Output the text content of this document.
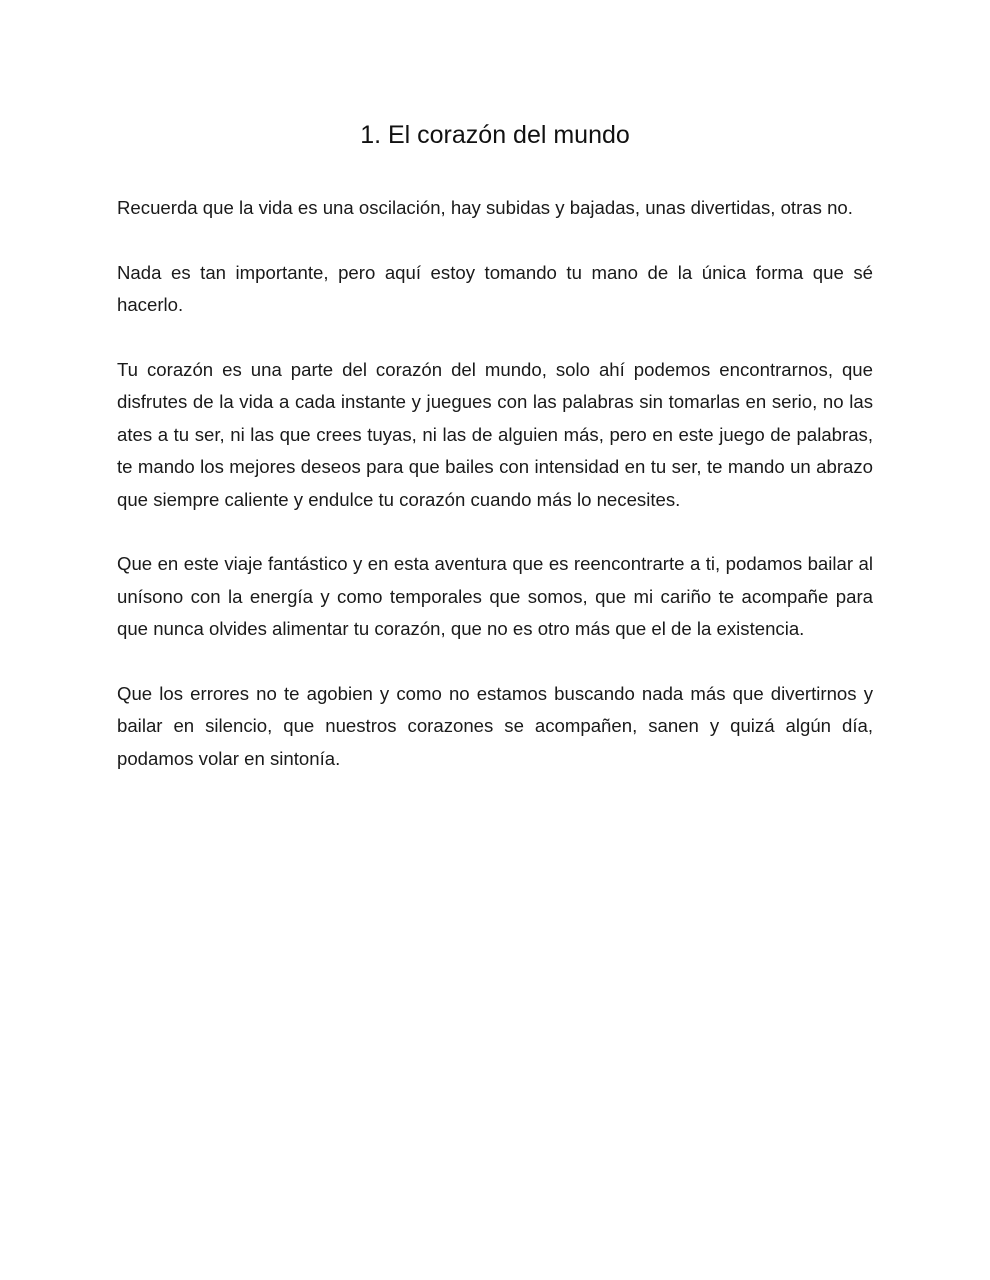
1. El corazón del mundo

Recuerda que la vida es una oscilación, hay subidas y bajadas, unas divertidas, otras no.

Nada es tan importante, pero aquí estoy tomando tu mano de la única forma que sé hacerlo.

Tu corazón es una parte del corazón del mundo, solo ahí podemos encontrarnos, que disfrutes de la vida a cada instante y juegues con las palabras sin tomarlas en serio, no las ates a tu ser, ni las que crees tuyas, ni las de alguien más, pero en este juego de palabras, te mando los mejores deseos para que bailes con intensidad en tu ser, te mando un abrazo que siempre caliente y endulce tu corazón cuando más lo necesites.

Que en este viaje fantástico y en esta aventura que es reencontrarte a ti, podamos bailar al unísono con la energía y como temporales que somos, que mi cariño te acompañe para que nunca olvides alimentar tu corazón, que no es otro más que el de la existencia.

Que los errores no te agobien y como no estamos buscando nada más que divertirnos y bailar en silencio, que nuestros corazones se acompañen, sanen y quizá algún día, podamos volar en sintonía.
